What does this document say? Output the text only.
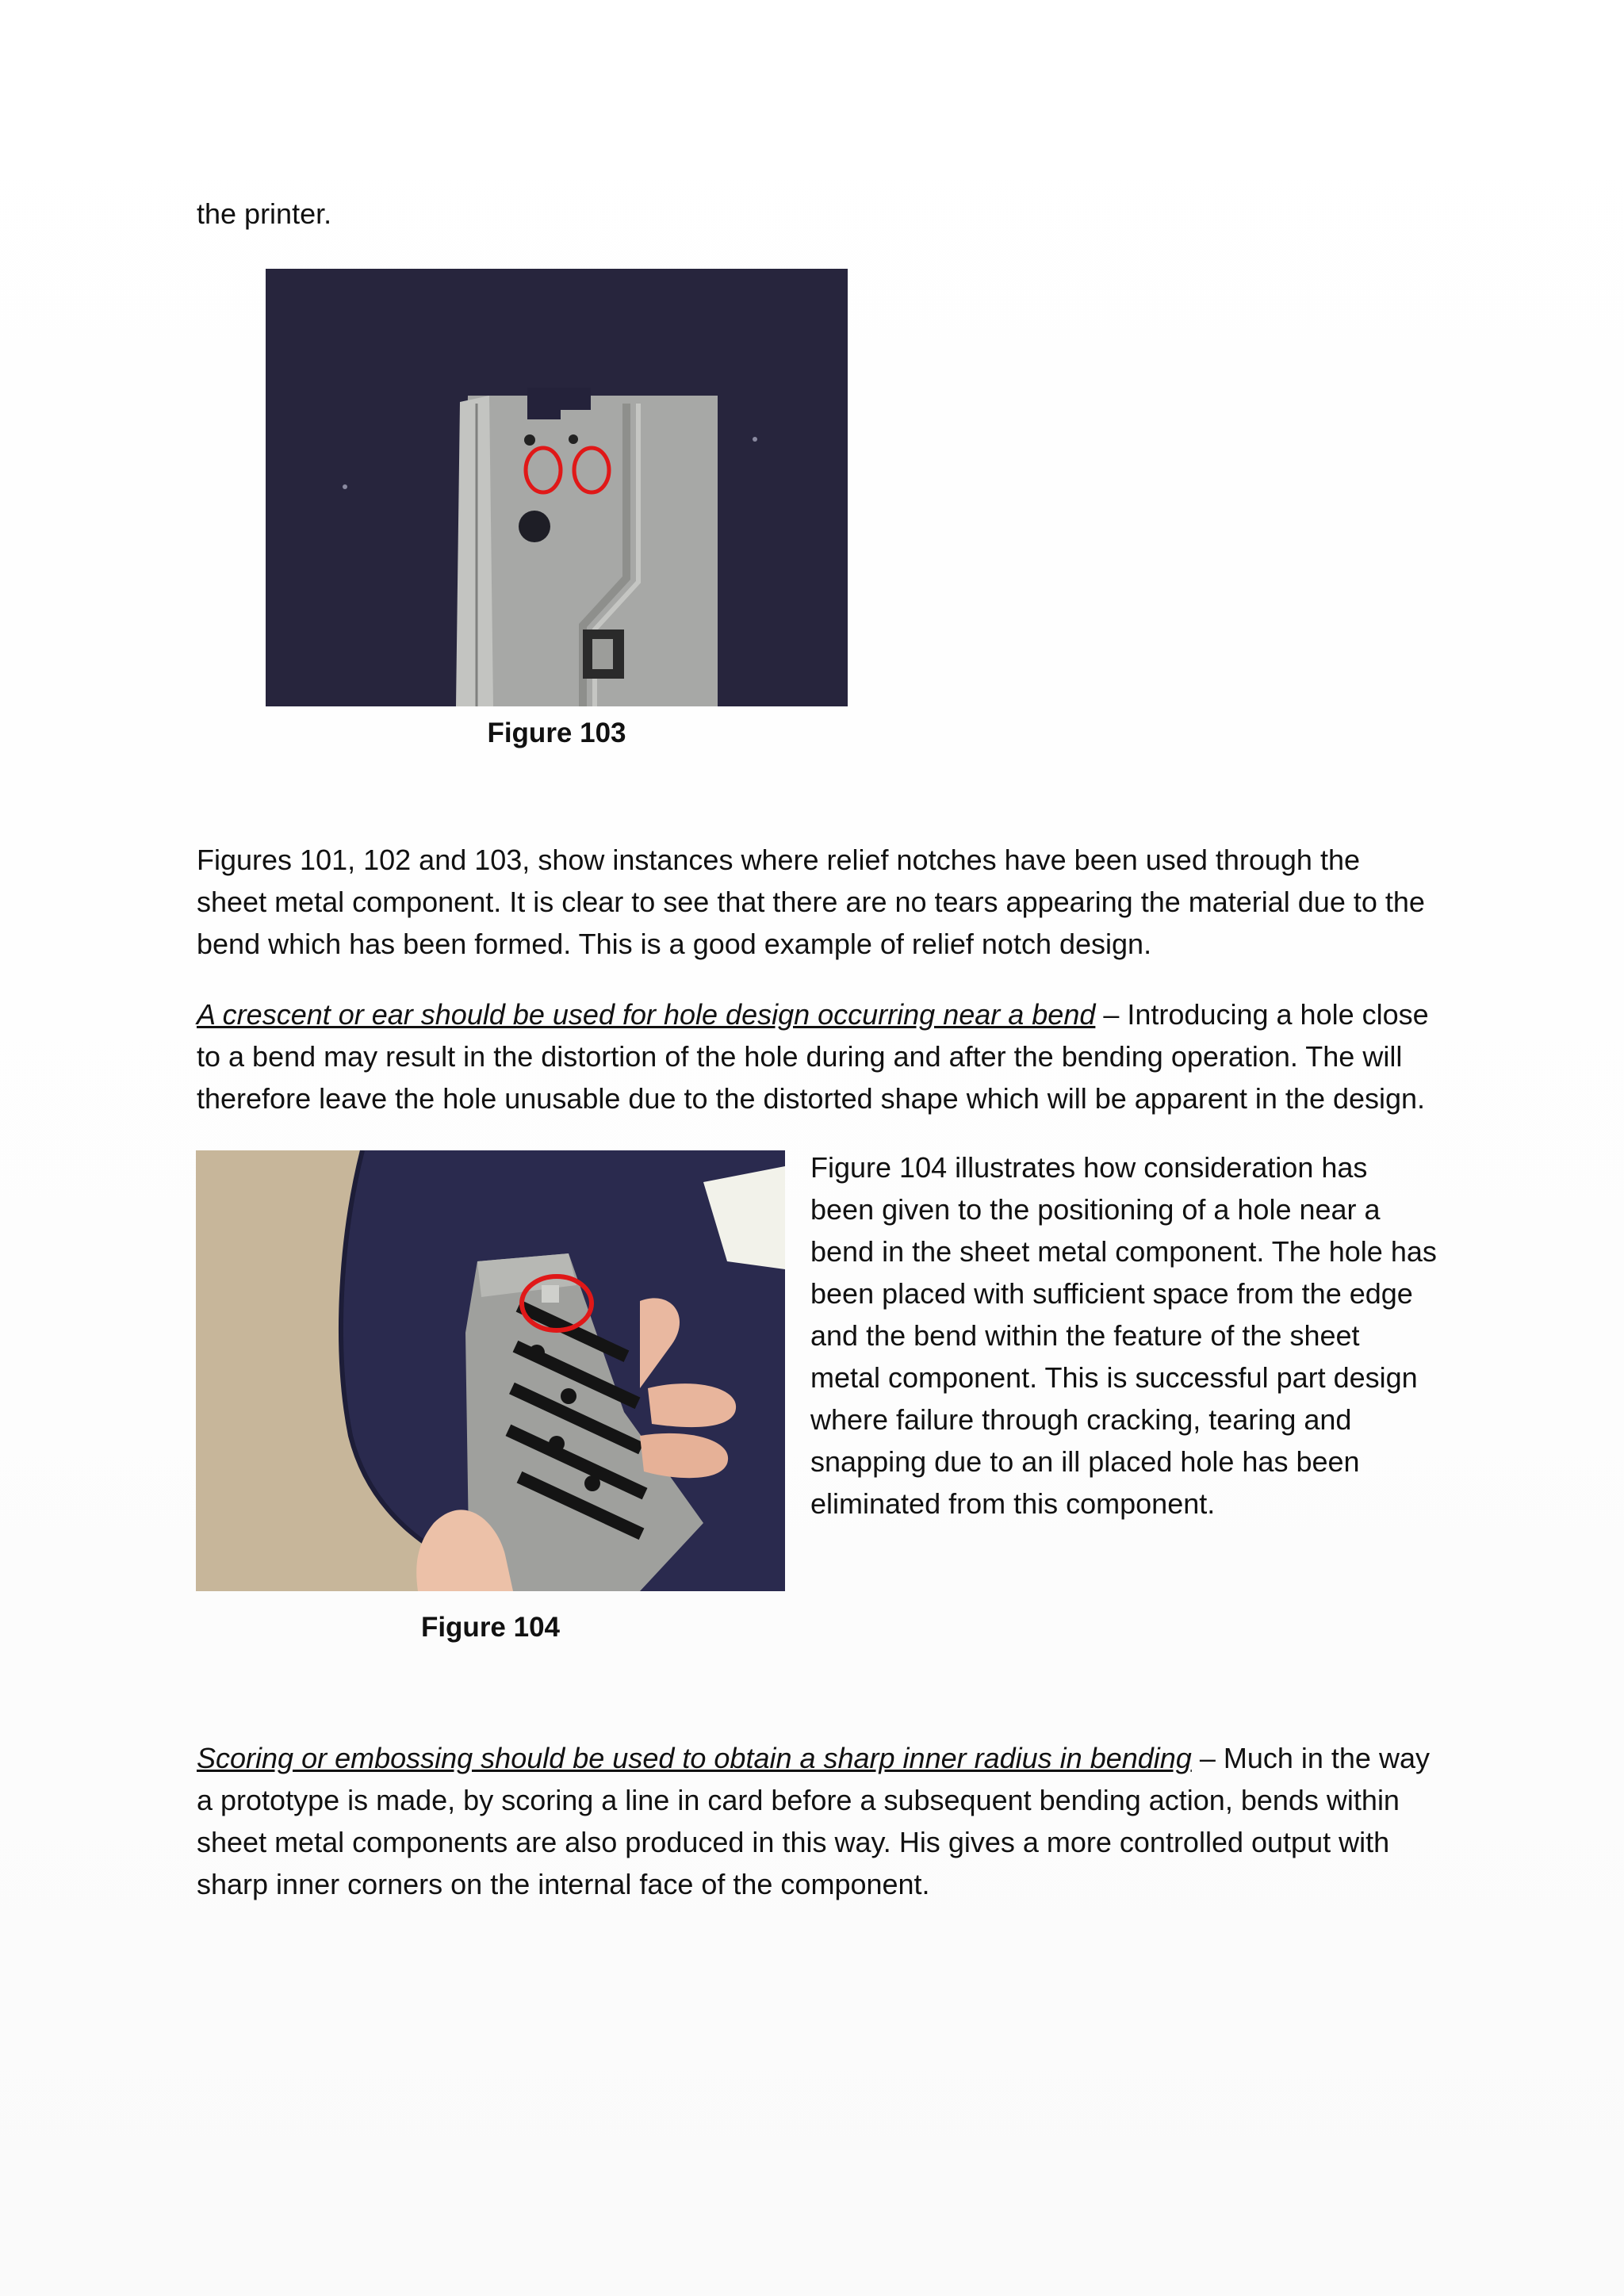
the printer.

Figure 103

Figures 101, 102 and 103, show instances where relief notches have been used through the sheet metal component. It is clear to see that there are no tears appearing the material due to the bend which has been formed. This is a good example of relief notch design.

A crescent or ear should be used for hole design occurring near a bend – Introducing a hole close to a bend may result in the distortion of the hole during and after the bending operation. The will therefore leave the hole unusable due to the distorted shape which will be apparent in the design.

Figure 104

Figure 104 illustrates how consideration has been given to the positioning of a hole near a bend in the sheet metal component. The hole has been placed with sufficient space from the edge and the bend within the feature of the sheet metal component. This is successful part design where failure through cracking, tearing and snapping due to an ill placed hole has been eliminated from this component.

Scoring or embossing should be used to obtain a sharp inner radius in bending – Much in the way a prototype is made, by scoring a line in card before a subsequent bending action, bends within sheet metal components are also produced in this way. His gives a more controlled output with sharp inner corners on the internal face of the component.
